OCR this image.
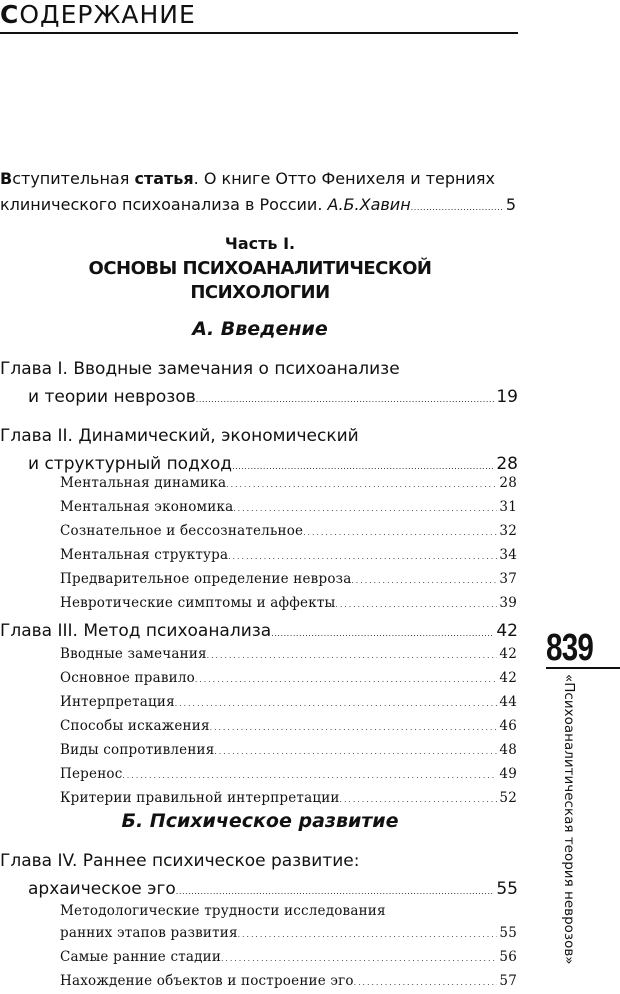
СОДЕРЖАНИЕ
В ступительная
статья . О книге Отто Фенихеля и терниях
клинического психоанализа в России.
А.Б.Хавин . . .	5
Часть I.
ОСНОВЫ ПСИХОАНАЛИТИЧЕСКОЙ
ПСИХОЛОГИИ
А. Введение
Глава I. Вводные замечания о психоанализе
и теории неврозов . . .	19
Глава II. Динамический, экономический
и структурный подход . . .	28
Ментальная динамика . . .	28
Ментальная экономика . . .	31
Сознательное и бессознательное . . .	32
Ментальная структура . . .	34
Предварительное определение невроза . . .	37
Невротические симптомы и аффекты . . .	39
Глава III. Метод психоанализа . . .	42
Вводные замечания . . .	42
Основное правило . . .	42
Интерпретация . . .	44
Способы искажения . . .	46
Виды сопротивления . . .	48
Перенос . . .	49
Критерии правильной интерпретации . . .	52
Б. Психическое развитие
Глава IV. Раннее психическое развитие:
архаическое эго . . .	55
Методологические трудности исследования
ранних этапов развития . . .	55
Самые ранние стадии . . .	56
Нахождение объектов и построение эго . . .	57
839
«Психоаналитическая теория неврозов»
